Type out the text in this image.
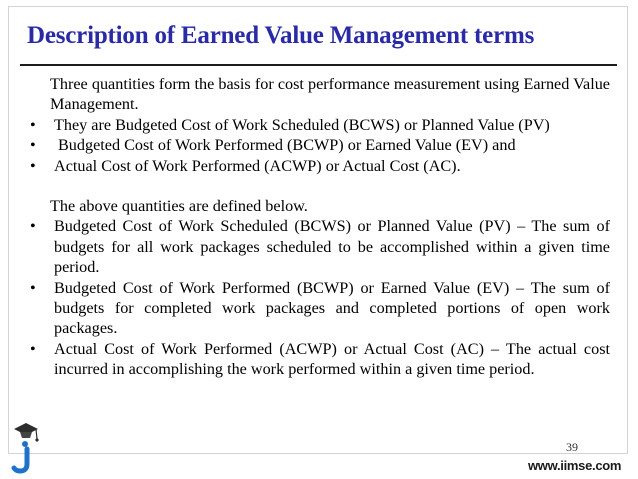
Description of Earned Value Management terms

Three quantities form the basis for cost performance measurement using Earned Value Management.

•	They are Budgeted Cost of Work Scheduled (BCWS) or Planned Value (PV)
•	Budgeted Cost of Work Performed (BCWP) or Earned Value (EV) and
•	Actual Cost of Work Performed (ACWP) or Actual Cost (AC).

The above quantities are defined below.

•	Budgeted Cost of Work Scheduled (BCWS) or Planned Value (PV) – The sum of budgets for all work packages scheduled to be accomplished within a given time period.
•	Budgeted Cost of Work Performed (BCWP) or Earned Value (EV) – The sum of budgets for completed work packages and completed portions of open work packages.
•	Actual Cost of Work Performed (ACWP) or Actual Cost (AC) – The actual cost incurred in accomplishing the work performed within a given time period.
39
www.iimse.com
